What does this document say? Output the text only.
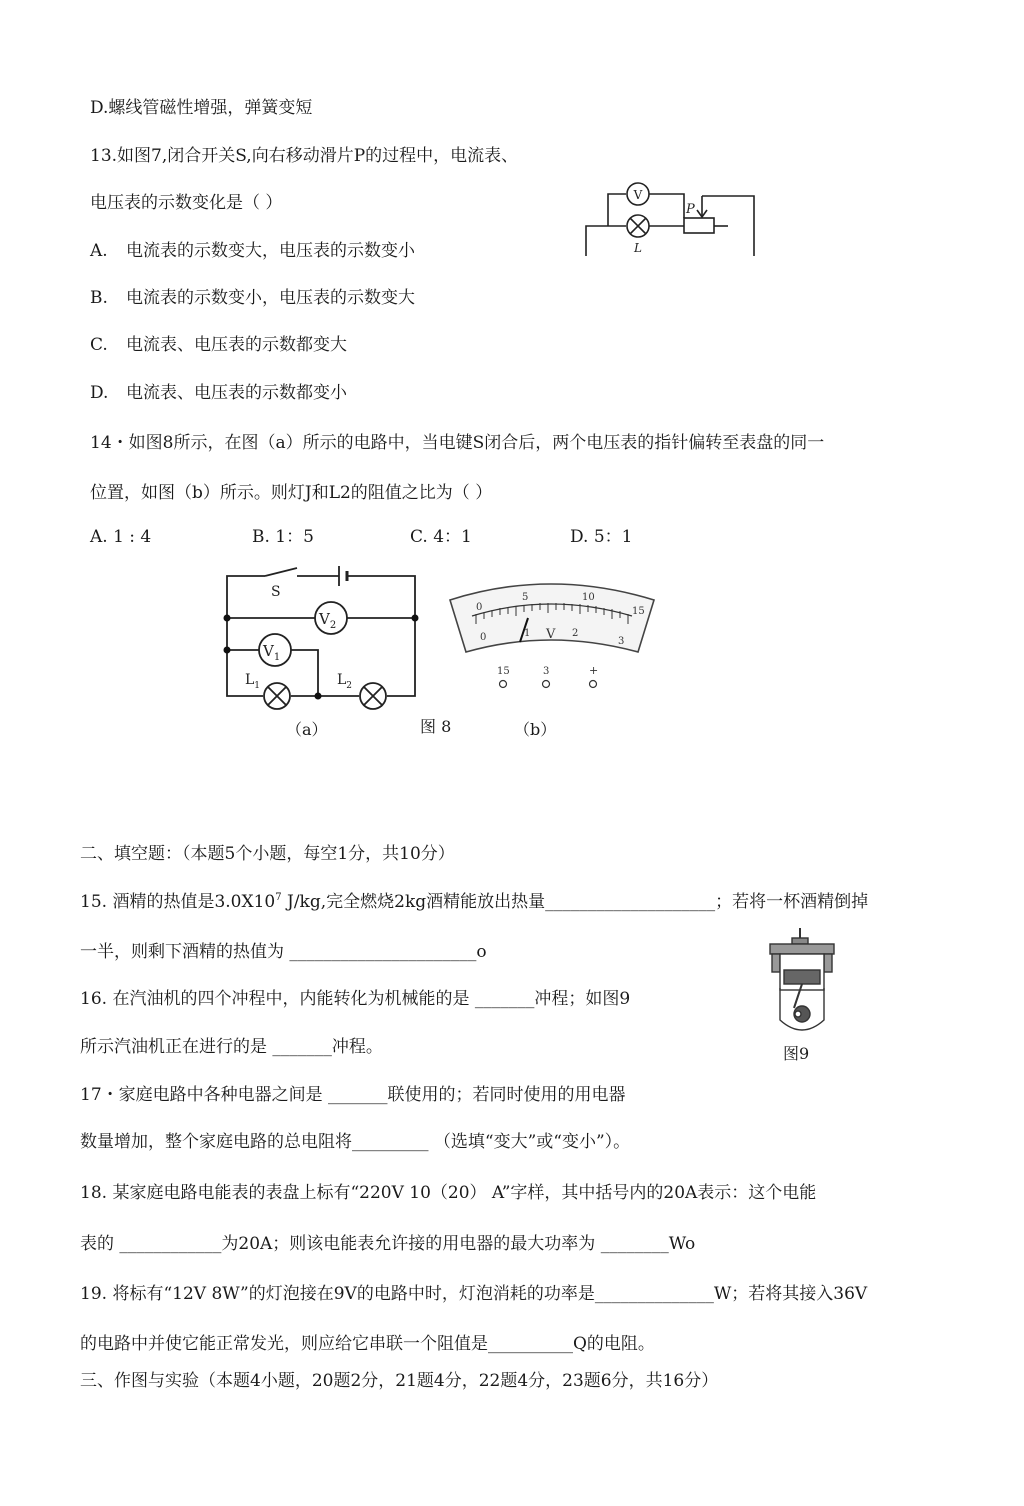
D.螺线管磁性增强，弹簧变短
13.如图7,闭合开关S,向右移动滑片P的过程中，电流表、
电压表的示数变化是（ ）
A. 电流表的示数变大，电压表的示数变小
B. 电流表的示数变小，电压表的示数变大
C. 电流表、电压表的示数都变大
D. 电流表、电压表的示数都变小
V
P
L
14・如图8所示，在图（a）所示的电路中，当电键S闭合后，两个电压表的指针偏转至表盘的同一
位置，如图（b）所示。则灯J和L2的阻值之比为（ ）
A. 1 : 4	B. 1：5	C. 4：1	D. 5：1
S
$V_2$
$V_1$
$L_1$	$L_2$
（a）	图 8
0
5	10
15
0	1	2
3
V
15	3	+
（b）
二、填空题：（本题5个小题，每空1分，共10分）
15. 酒精的热值是$3.0X10^7$ J/kg,完全燃烧2kg酒精能放出热量____________________；若将一杯酒精倒掉
一半，则剩下酒精的热值为 ______________________o
16. 在汽油机的四个冲程中，内能转化为机械能的是 _______冲程；如图9
所示汽油机正在进行的是 _______冲程。	图9
17・家庭电路中各种电器之间是 _______联使用的；若同时使用的用电器
数量增加，整个家庭电路的总电阻将_________ （选填“变大”或“变小”）。
18. 某家庭电路电能表的表盘上标有“220V 10（20） A”字样，其中括号内的20A表示：这个电能
表的 ____________为20A；则该电能表允许接的用电器的最大功率为 ________Wo
19. 将标有“12V 8W”的灯泡接在9V的电路中时，灯泡消耗的功率是______________W；若将其接入36V
的电路中并使它能正常发光，则应给它串联一个阻值是__________Q的电阻。
三、作图与实验（本题4小题，20题2分，21题4分，22题4分，23题6分，共16分）
